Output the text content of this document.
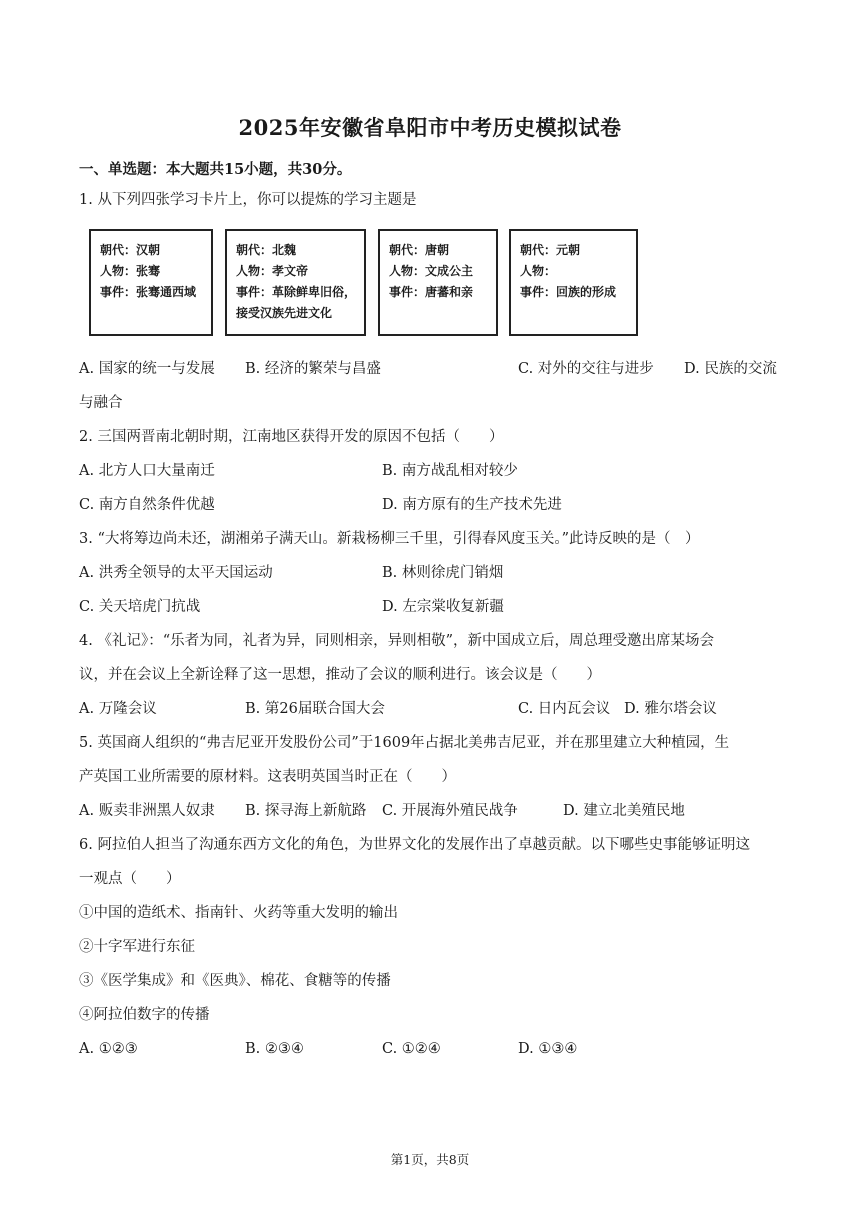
2025年安徽省阜阳市中考历史模拟试卷
一、单选题：本大题共15小题，共30分。
1. 从下列四张学习卡片上，你可以提炼的学习主题是
朝代：汉朝
人物：张骞
事件：张骞通西域
朝代：北魏
人物：孝文帝
事件：革除鲜卑旧俗，
接受汉族先进文化
朝代：唐朝
人物：文成公主
事件：唐蕃和亲
朝代：元朝
人物：
事件：回族的形成
A. 国家的统一与发展 B. 经济的繁荣与昌盛	C. 对外的交往与进步 D. 民族的交流
与融合
2. 三国两晋南北朝时期，江南地区获得开发的原因不包括（　　）
A. 北方人口大量南迁	B. 南方战乱相对较少
C. 南方自然条件优越	D. 南方原有的生产技术先进
3. “大将筹边尚未还，湖湘弟子满天山。新栽杨柳三千里，引得春风度玉关。”此诗反映的是（　）
A. 洪秀全领导的太平天国运动	B. 林则徐虎门销烟
C. 关天培虎门抗战	D. 左宗棠收复新疆
4. 《礼记》：“乐者为同，礼者为异，同则相亲，异则相敬”，新中国成立后，周总理受邀出席某场会
议，并在会议上全新诠释了这一思想，推动了会议的顺利进行。该会议是（　　）
A. 万隆会议	B. 第26届联合国大会	C. 日内瓦会议 D. 雅尔塔会议
5. 英国商人组织的“弗吉尼亚开发股份公司”于1609年占据北美弗吉尼亚，并在那里建立大种植园，生
产英国工业所需要的原材料。这表明英国当时正在（　　）
A. 贩卖非洲黑人奴隶 B. 探寻海上新航路 C. 开展海外殖民战争	D. 建立北美殖民地
6. 阿拉伯人担当了沟通东西方文化的角色，为世界文化的发展作出了卓越贡献。以下哪些史事能够证明这
一观点（　　）
①中国的造纸术、指南针、火药等重大发明的输出
②十字军进行东征
③《医学集成》和《医典》、棉花、食糖等的传播
④阿拉伯数字的传播
A. ①②③	B. ②③④	C. ①②④	D. ①③④
第1页，共8页
